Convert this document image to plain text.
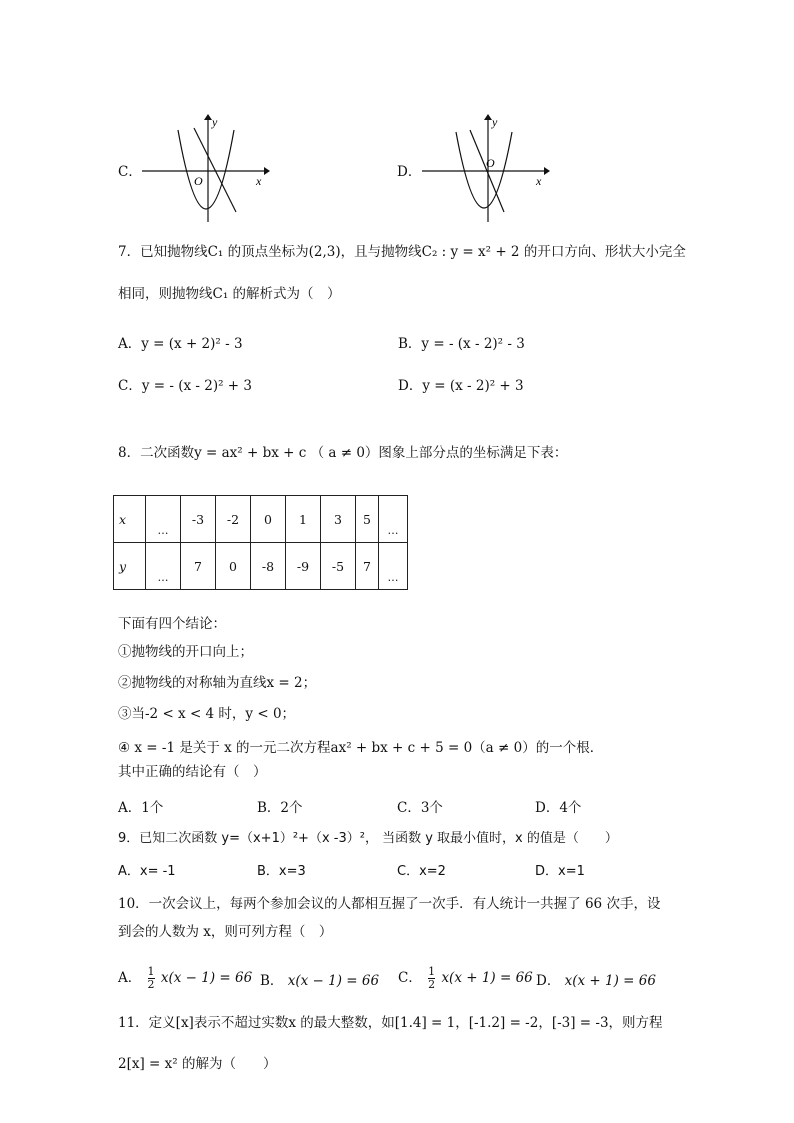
C．
y
x
O
D．
y
x
O
7．已知抛物线C₁ 的顶点坐标为(2,3)，且与抛物线C₂ : y = x² + 2 的开口方向、形状大小完全
相同，则抛物线C₁ 的解析式为（　）
A．y = (x + 2)² - 3	B．y = - (x - 2)² - 3
C．y = - (x - 2)² + 3	D．y = (x - 2)² + 3
8．二次函数y = ax² + bx + c （ a ≠ 0）图象上部分点的坐标满足下表：
x	…	-3	-2	0	1	3	5	…
y	…	7	0	-8	-9	-5	7	…
下面有四个结论：
①抛物线的开口向上；
②抛物线的对称轴为直线x = 2；
③当-2 < x < 4 时，y < 0；
④ x = -1 是关于 x 的一元二次方程ax² + bx + c + 5 = 0（a ≠ 0）的一个根．
其中正确的结论有（　）
A．1个	B．2个	C．3个	D．4个
9．已知二次函数 y=（x+1）²+（x -3）²， 当函数 y 取最小值时，x 的值是（　　）
A．x= -1	B．x=3	C．x=2	D．x=1
10．一次会议上，每两个参加会议的人都相互握了一次手．有人统计一共握了 66 次手，设
到会的人数为 x，则可列方程（　）
A． 1

2 x(x − 1) = 66 B． x(x − 1) = 66 C． 1

2 x(x + 1) = 66 D． x(x + 1) = 66
11．定义[x]表示不超过实数x 的最大整数，如[1.4] = 1，[-1.2] = -2，[-3] = -3，则方程
2[x] = x² 的解为（　　）
